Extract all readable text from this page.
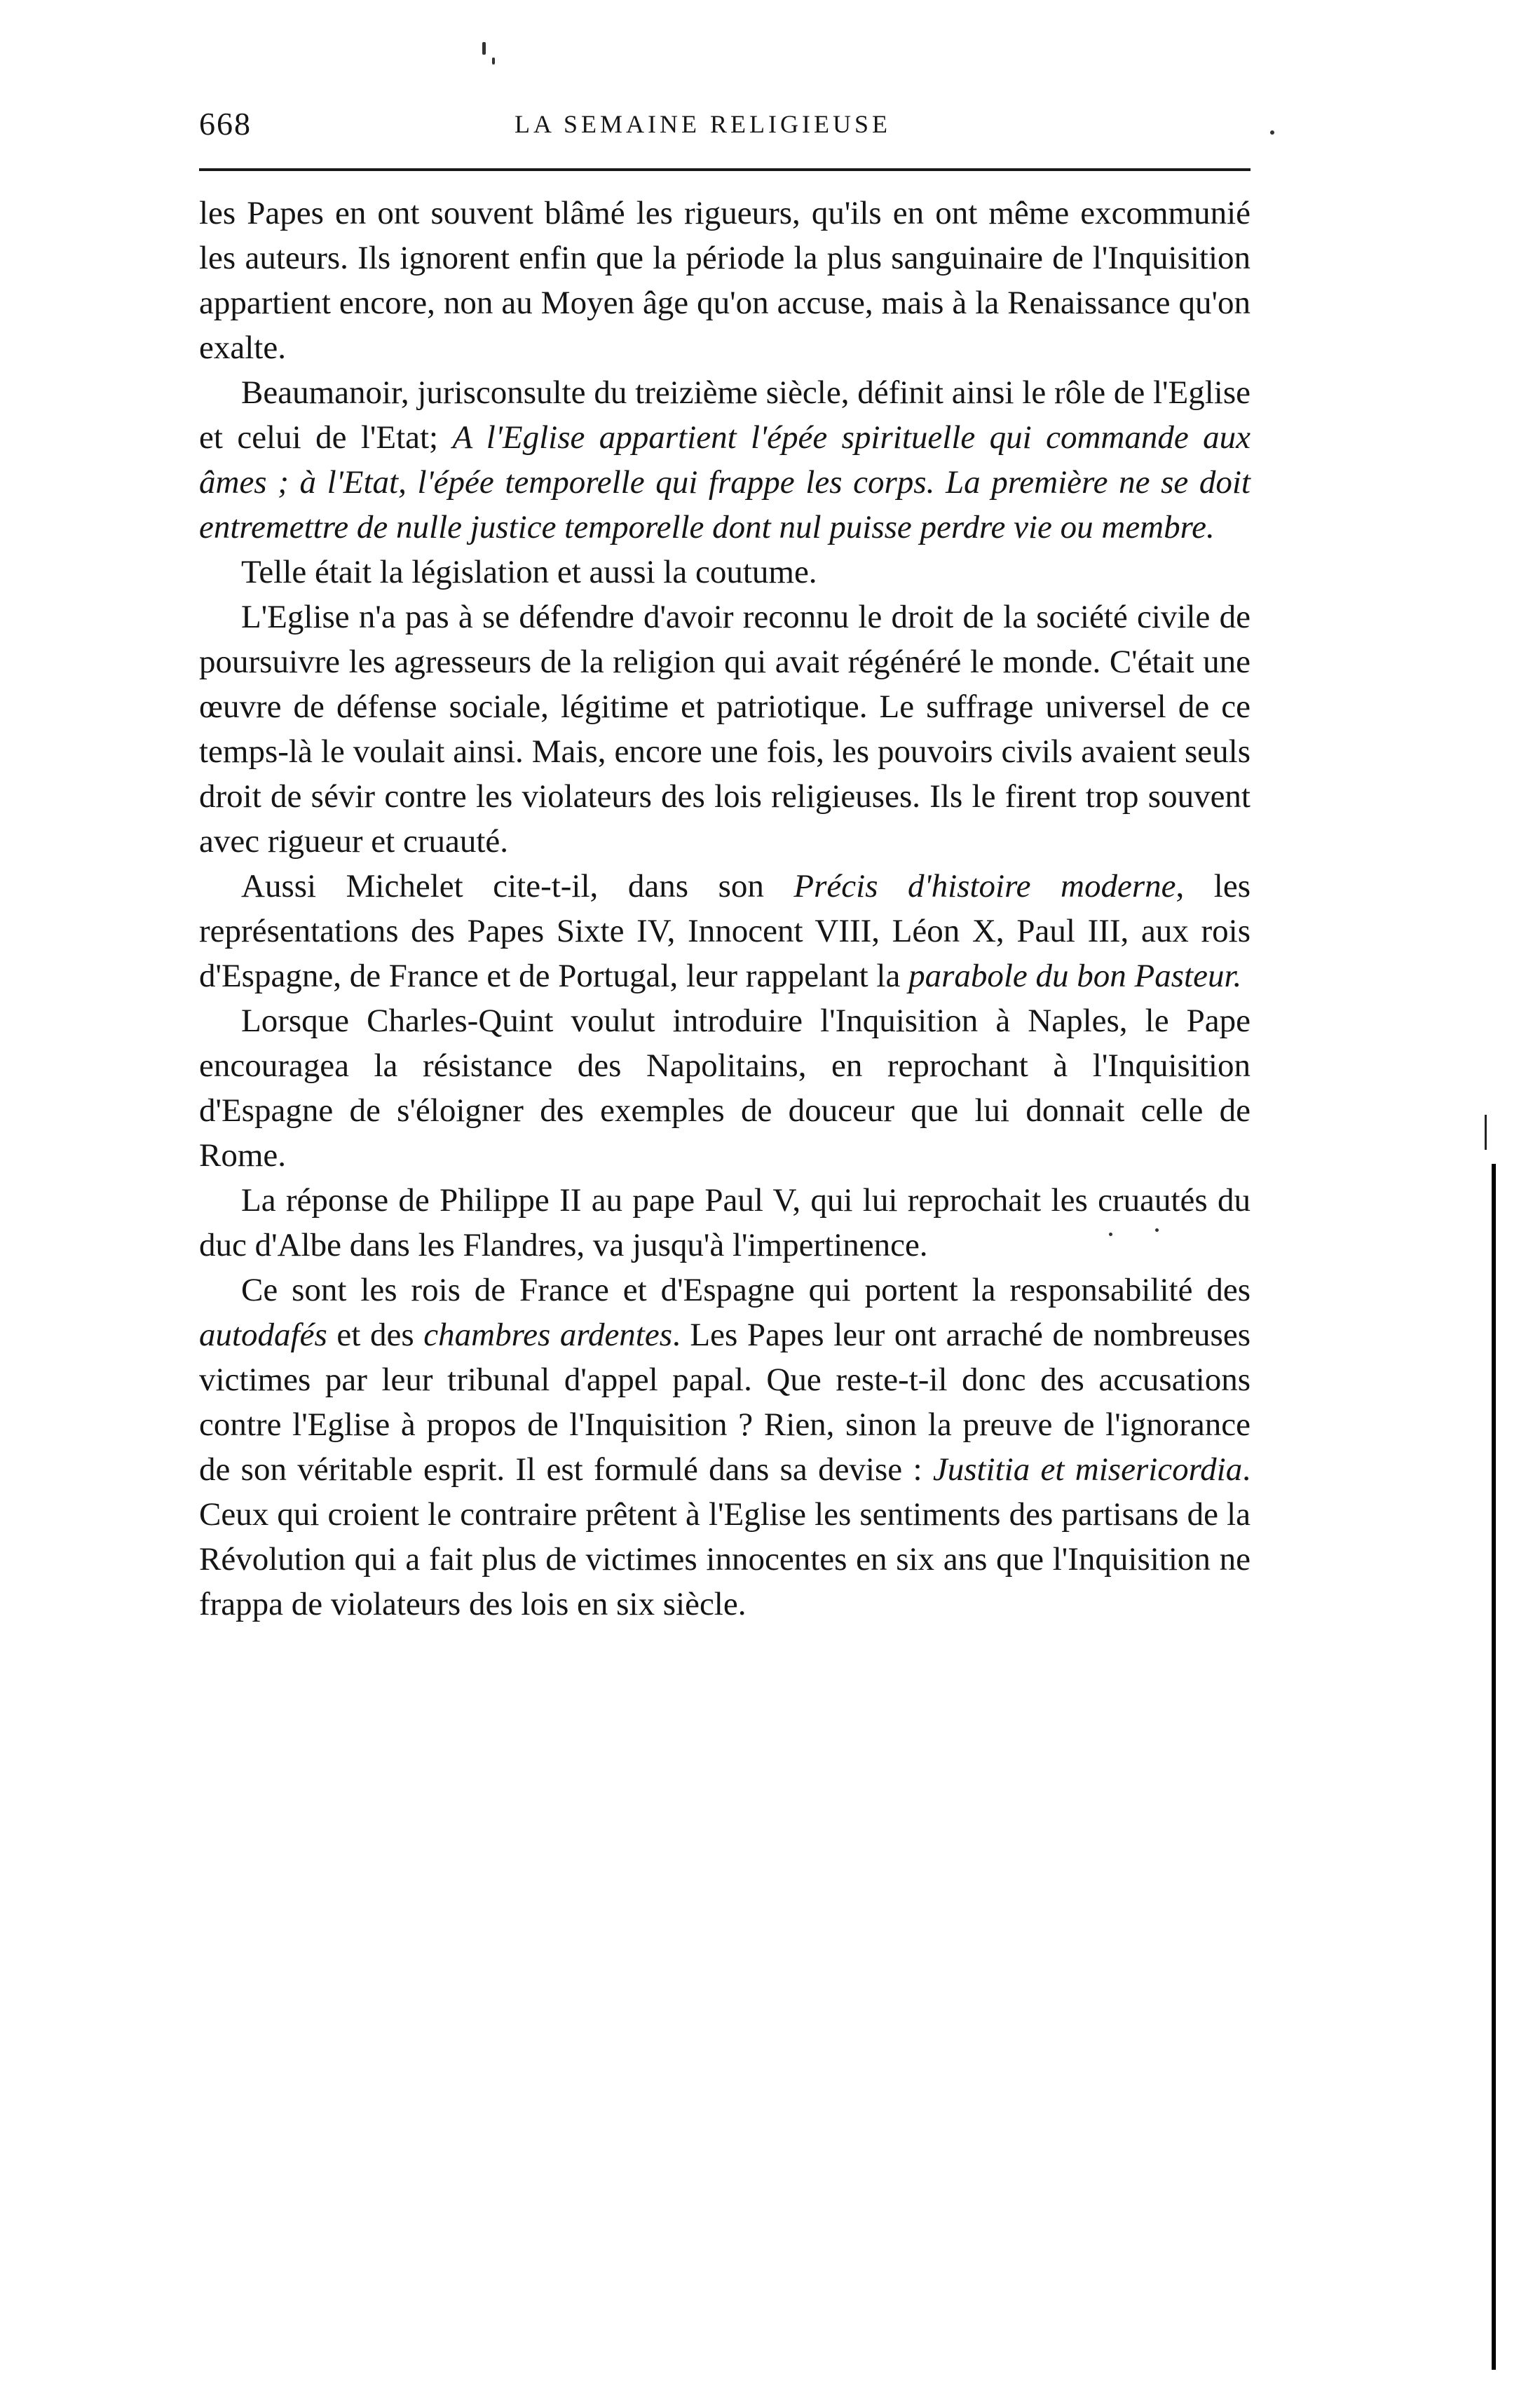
668	LA SEMAINE RELIGIEUSE

les Papes en ont souvent blâmé les rigueurs, qu'ils en ont même excommunié les auteurs. Ils ignorent enfin que la période la plus sanguinaire de l'Inquisition appartient encore, non au Moyen âge qu'on accuse, mais à la Renaissance qu'on exalte.

Beaumanoir, jurisconsulte du treizième siècle, définit ainsi le rôle de l'Eglise et celui de l'Etat; A l'Eglise appartient l'épée spirituelle qui commande aux âmes ; à l'Etat, l'épée temporelle qui frappe les corps. La première ne se doit entremettre de nulle justice temporelle dont nul puisse perdre vie ou membre.

Telle était la législation et aussi la coutume.

L'Eglise n'a pas à se défendre d'avoir reconnu le droit de la société civile de poursuivre les agresseurs de la religion qui avait régénéré le monde. C'était une œuvre de défense sociale, légitime et patriotique. Le suffrage universel de ce temps-là le voulait ainsi. Mais, encore une fois, les pouvoirs civils avaient seuls droit de sévir contre les violateurs des lois religieuses. Ils le firent trop souvent avec rigueur et cruauté.

Aussi Michelet cite-t-il, dans son Précis d'histoire moderne, les représentations des Papes Sixte IV, Innocent VIII, Léon X, Paul III, aux rois d'Espagne, de France et de Portugal, leur rappelant la parabole du bon Pasteur.

Lorsque Charles-Quint voulut introduire l'Inquisition à Naples, le Pape encouragea la résistance des Napolitains, en reprochant à l'Inquisition d'Espagne de s'éloigner des exemples de douceur que lui donnait celle de Rome.

La réponse de Philippe II au pape Paul V, qui lui reprochait les cruautés du duc d'Albe dans les Flandres, va jusqu'à l'impertinence.

Ce sont les rois de France et d'Espagne qui portent la responsabilité des autodafés et des chambres ardentes. Les Papes leur ont arraché de nombreuses victimes par leur tribunal d'appel papal. Que reste-t-il donc des accusations contre l'Eglise à propos de l'Inquisition ? Rien, sinon la preuve de l'ignorance de son véritable esprit. Il est formulé dans sa devise : Justitia et misericordia. Ceux qui croient le contraire prêtent à l'Eglise les sentiments des partisans de la Révolution qui a fait plus de victimes innocentes en six ans que l'Inquisition ne frappa de violateurs des lois en six siècle.
